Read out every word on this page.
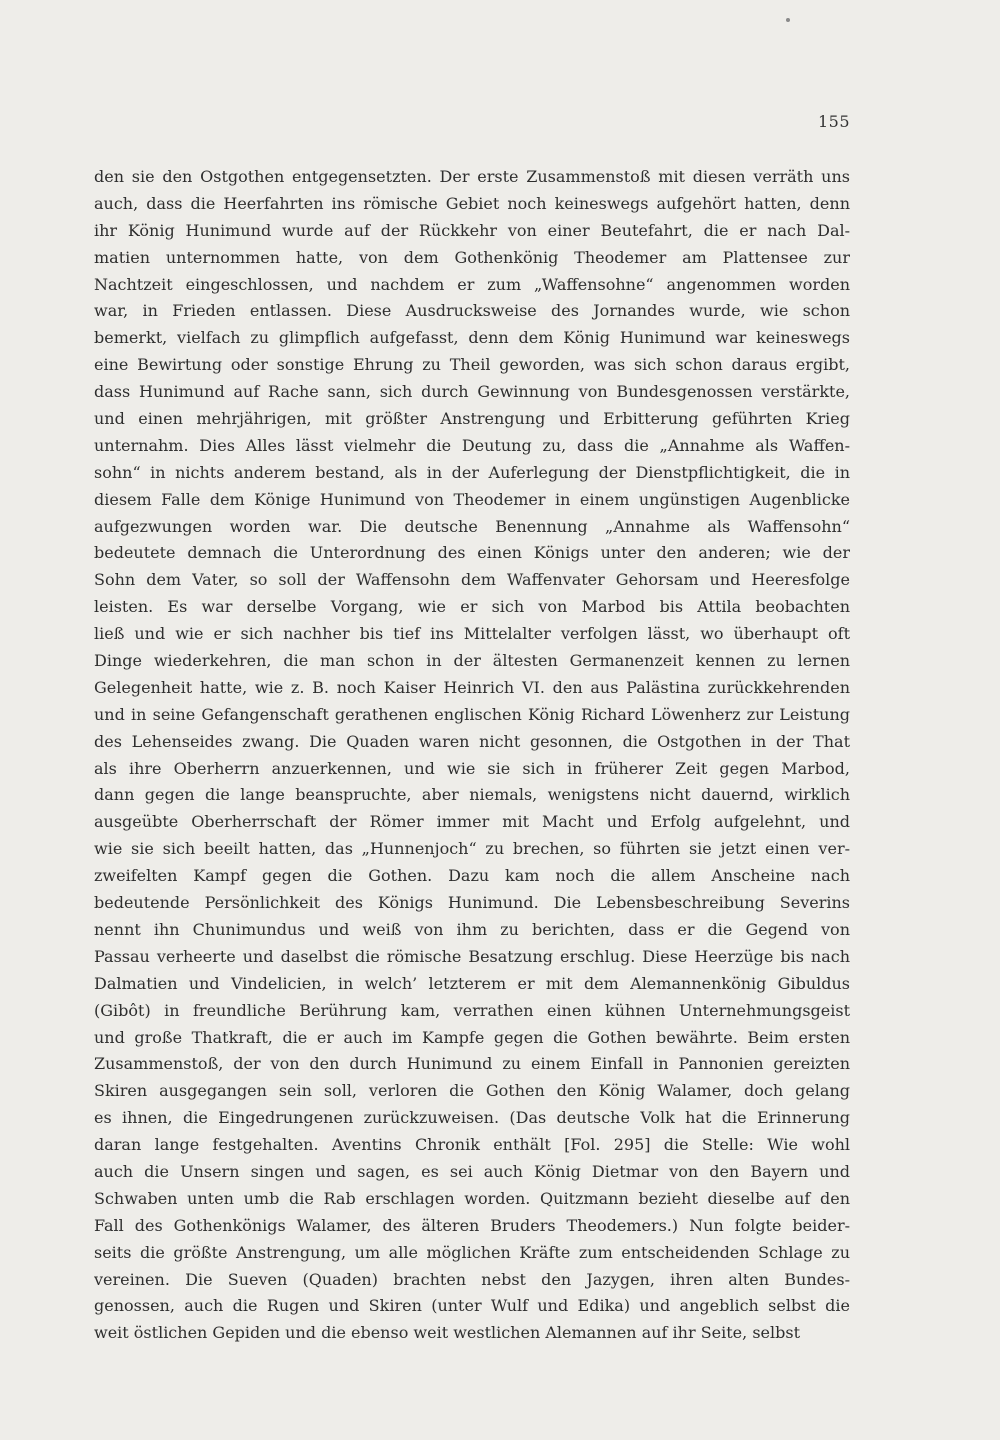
155
den sie den Ostgothen entgegensetzten. Der erste Zusammenstoß mit diesen verräth uns
auch, dass die Heerfahrten ins römische Gebiet noch keineswegs aufgehört hatten, denn
ihr König Hunimund wurde auf der Rückkehr von einer Beutefahrt, die er nach Dal-
matien unternommen hatte, von dem Gothenkönig Theodemer am Plattensee zur
Nachtzeit eingeschlossen, und nachdem er zum „Waffensohne“ angenommen worden
war, in Frieden entlassen. Diese Ausdrucksweise des Jornandes wurde, wie schon
bemerkt, vielfach zu glimpflich aufgefasst, denn dem König Hunimund war keineswegs
eine Bewirtung oder sonstige Ehrung zu Theil geworden, was sich schon daraus ergibt,
dass Hunimund auf Rache sann, sich durch Gewinnung von Bundesgenossen verstärkte,
und einen mehrjährigen, mit größter Anstrengung und Erbitterung geführten Krieg
unternahm. Dies Alles lässt vielmehr die Deutung zu, dass die „Annahme als Waffen-
sohn“ in nichts anderem bestand, als in der Auferlegung der Dienstpflichtigkeit, die in
diesem Falle dem Könige Hunimund von Theodemer in einem ungünstigen Augenblicke
aufgezwungen worden war. Die deutsche Benennung „Annahme als Waffensohn“
bedeutete demnach die Unterordnung des einen Königs unter den anderen; wie der
Sohn dem Vater, so soll der Waffensohn dem Waffenvater Gehorsam und Heeresfolge
leisten. Es war derselbe Vorgang, wie er sich von Marbod bis Attila beobachten
ließ und wie er sich nachher bis tief ins Mittelalter verfolgen lässt, wo überhaupt oft
Dinge wiederkehren, die man schon in der ältesten Germanenzeit kennen zu lernen
Gelegenheit hatte, wie z. B. noch Kaiser Heinrich VI. den aus Palästina zurückkehrenden
und in seine Gefangenschaft gerathenen englischen König Richard Löwenherz zur Leistung
des Lehenseides zwang. Die Quaden waren nicht gesonnen, die Ostgothen in der That
als ihre Oberherrn anzuerkennen, und wie sie sich in früherer Zeit gegen Marbod,
dann gegen die lange beanspruchte, aber niemals, wenigstens nicht dauernd, wirklich
ausgeübte Oberherrschaft der Römer immer mit Macht und Erfolg aufgelehnt, und
wie sie sich beeilt hatten, das „Hunnenjoch“ zu brechen, so führten sie jetzt einen ver-
zweifelten Kampf gegen die Gothen. Dazu kam noch die allem Anscheine nach
bedeutende Persönlichkeit des Königs Hunimund. Die Lebensbeschreibung Severins
nennt ihn Chunimundus und weiß von ihm zu berichten, dass er die Gegend von
Passau verheerte und daselbst die römische Besatzung erschlug. Diese Heerzüge bis nach
Dalmatien und Vindelicien, in welch’ letzterem er mit dem Alemannenkönig Gibuldus
(Gibôt) in freundliche Berührung kam, verrathen einen kühnen Unternehmungsgeist
und große Thatkraft, die er auch im Kampfe gegen die Gothen bewährte. Beim ersten
Zusammenstoß, der von den durch Hunimund zu einem Einfall in Pannonien gereizten
Skiren ausgegangen sein soll, verloren die Gothen den König Walamer, doch gelang
es ihnen, die Eingedrungenen zurückzuweisen. (Das deutsche Volk hat die Erinnerung
daran lange festgehalten. Aventins Chronik enthält [Fol. 295] die Stelle: Wie wohl
auch die Unsern singen und sagen, es sei auch König Dietmar von den Bayern und
Schwaben unten umb die Rab erschlagen worden. Quitzmann bezieht dieselbe auf den
Fall des Gothenkönigs Walamer, des älteren Bruders Theodemers.) Nun folgte beider-
seits die größte Anstrengung, um alle möglichen Kräfte zum entscheidenden Schlage zu
vereinen. Die Sueven (Quaden) brachten nebst den Jazygen, ihren alten Bundes-
genossen, auch die Rugen und Skiren (unter Wulf und Edika) und angeblich selbst die
weit östlichen Gepiden und die ebenso weit westlichen Alemannen auf ihr Seite, selbst
